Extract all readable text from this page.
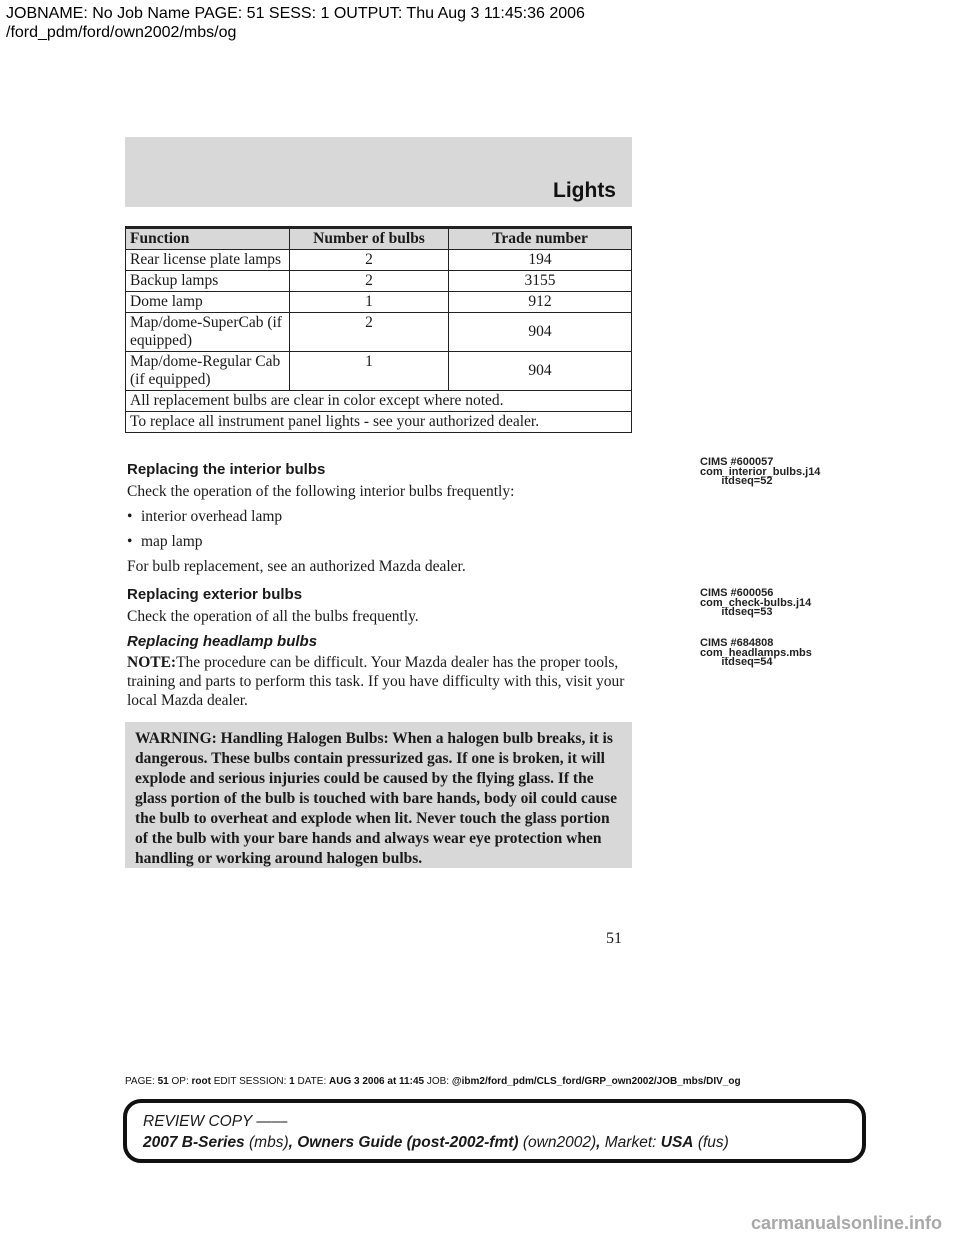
JOBNAME: No Job Name PAGE: 51 SESS: 1 OUTPUT: Thu Aug 3 11:45:36 2006
/ford_pdm/ford/own2002/mbs/og
Lights
Function	Number of bulbs	Trade number
Rear license plate lamps	2	194
Backup lamps	2	3155
Dome lamp	1	912
Map/dome-SuperCab (if equipped)	2	904
Map/dome-Regular Cab (if equipped)	1	904
All replacement bulbs are clear in color except where noted.		
To replace all instrument panel lights - see your authorized dealer.		
Replacing the interior bulbs

Check the operation of the following interior bulbs frequently:

• interior overhead lamp
• map lamp

For bulb replacement, see an authorized Mazda dealer.

Replacing exterior bulbs

Check the operation of all the bulbs frequently.

Replacing headlamp bulbs

NOTE:The procedure can be difficult. Your Mazda dealer has the proper tools, training and parts to perform this task. If you have difficulty with this, visit your local Mazda dealer.

WARNING: Handling Halogen Bulbs: When a halogen bulb breaks, it is dangerous. These bulbs contain pressurized gas. If one is broken, it will explode and serious injuries could be caused by the flying glass. If the glass portion of the bulb is touched with bare hands, body oil could cause the bulb to overheat and explode when lit. Never touch the glass portion of the bulb with your bare hands and always wear eye protection when handling or working around halogen bulbs.
CIMS #600057
com_interior_bulbs.j14
itdseq=52
CIMS #600056
com_check-bulbs.j14
itdseq=53
CIMS #684808
com_headlamps.mbs
itdseq=54
51
PAGE: 51 OP: root EDIT SESSION: 1 DATE: AUG 3 2006 at 11:45 JOB: @ibm2/ford_pdm/CLS_ford/GRP_own2002/JOB_mbs/DIV_og
REVIEW COPY ——
2007 B-Series (mbs), Owners Guide (post-2002-fmt) (own2002), Market: USA (fus)
carmanualsonline.info
